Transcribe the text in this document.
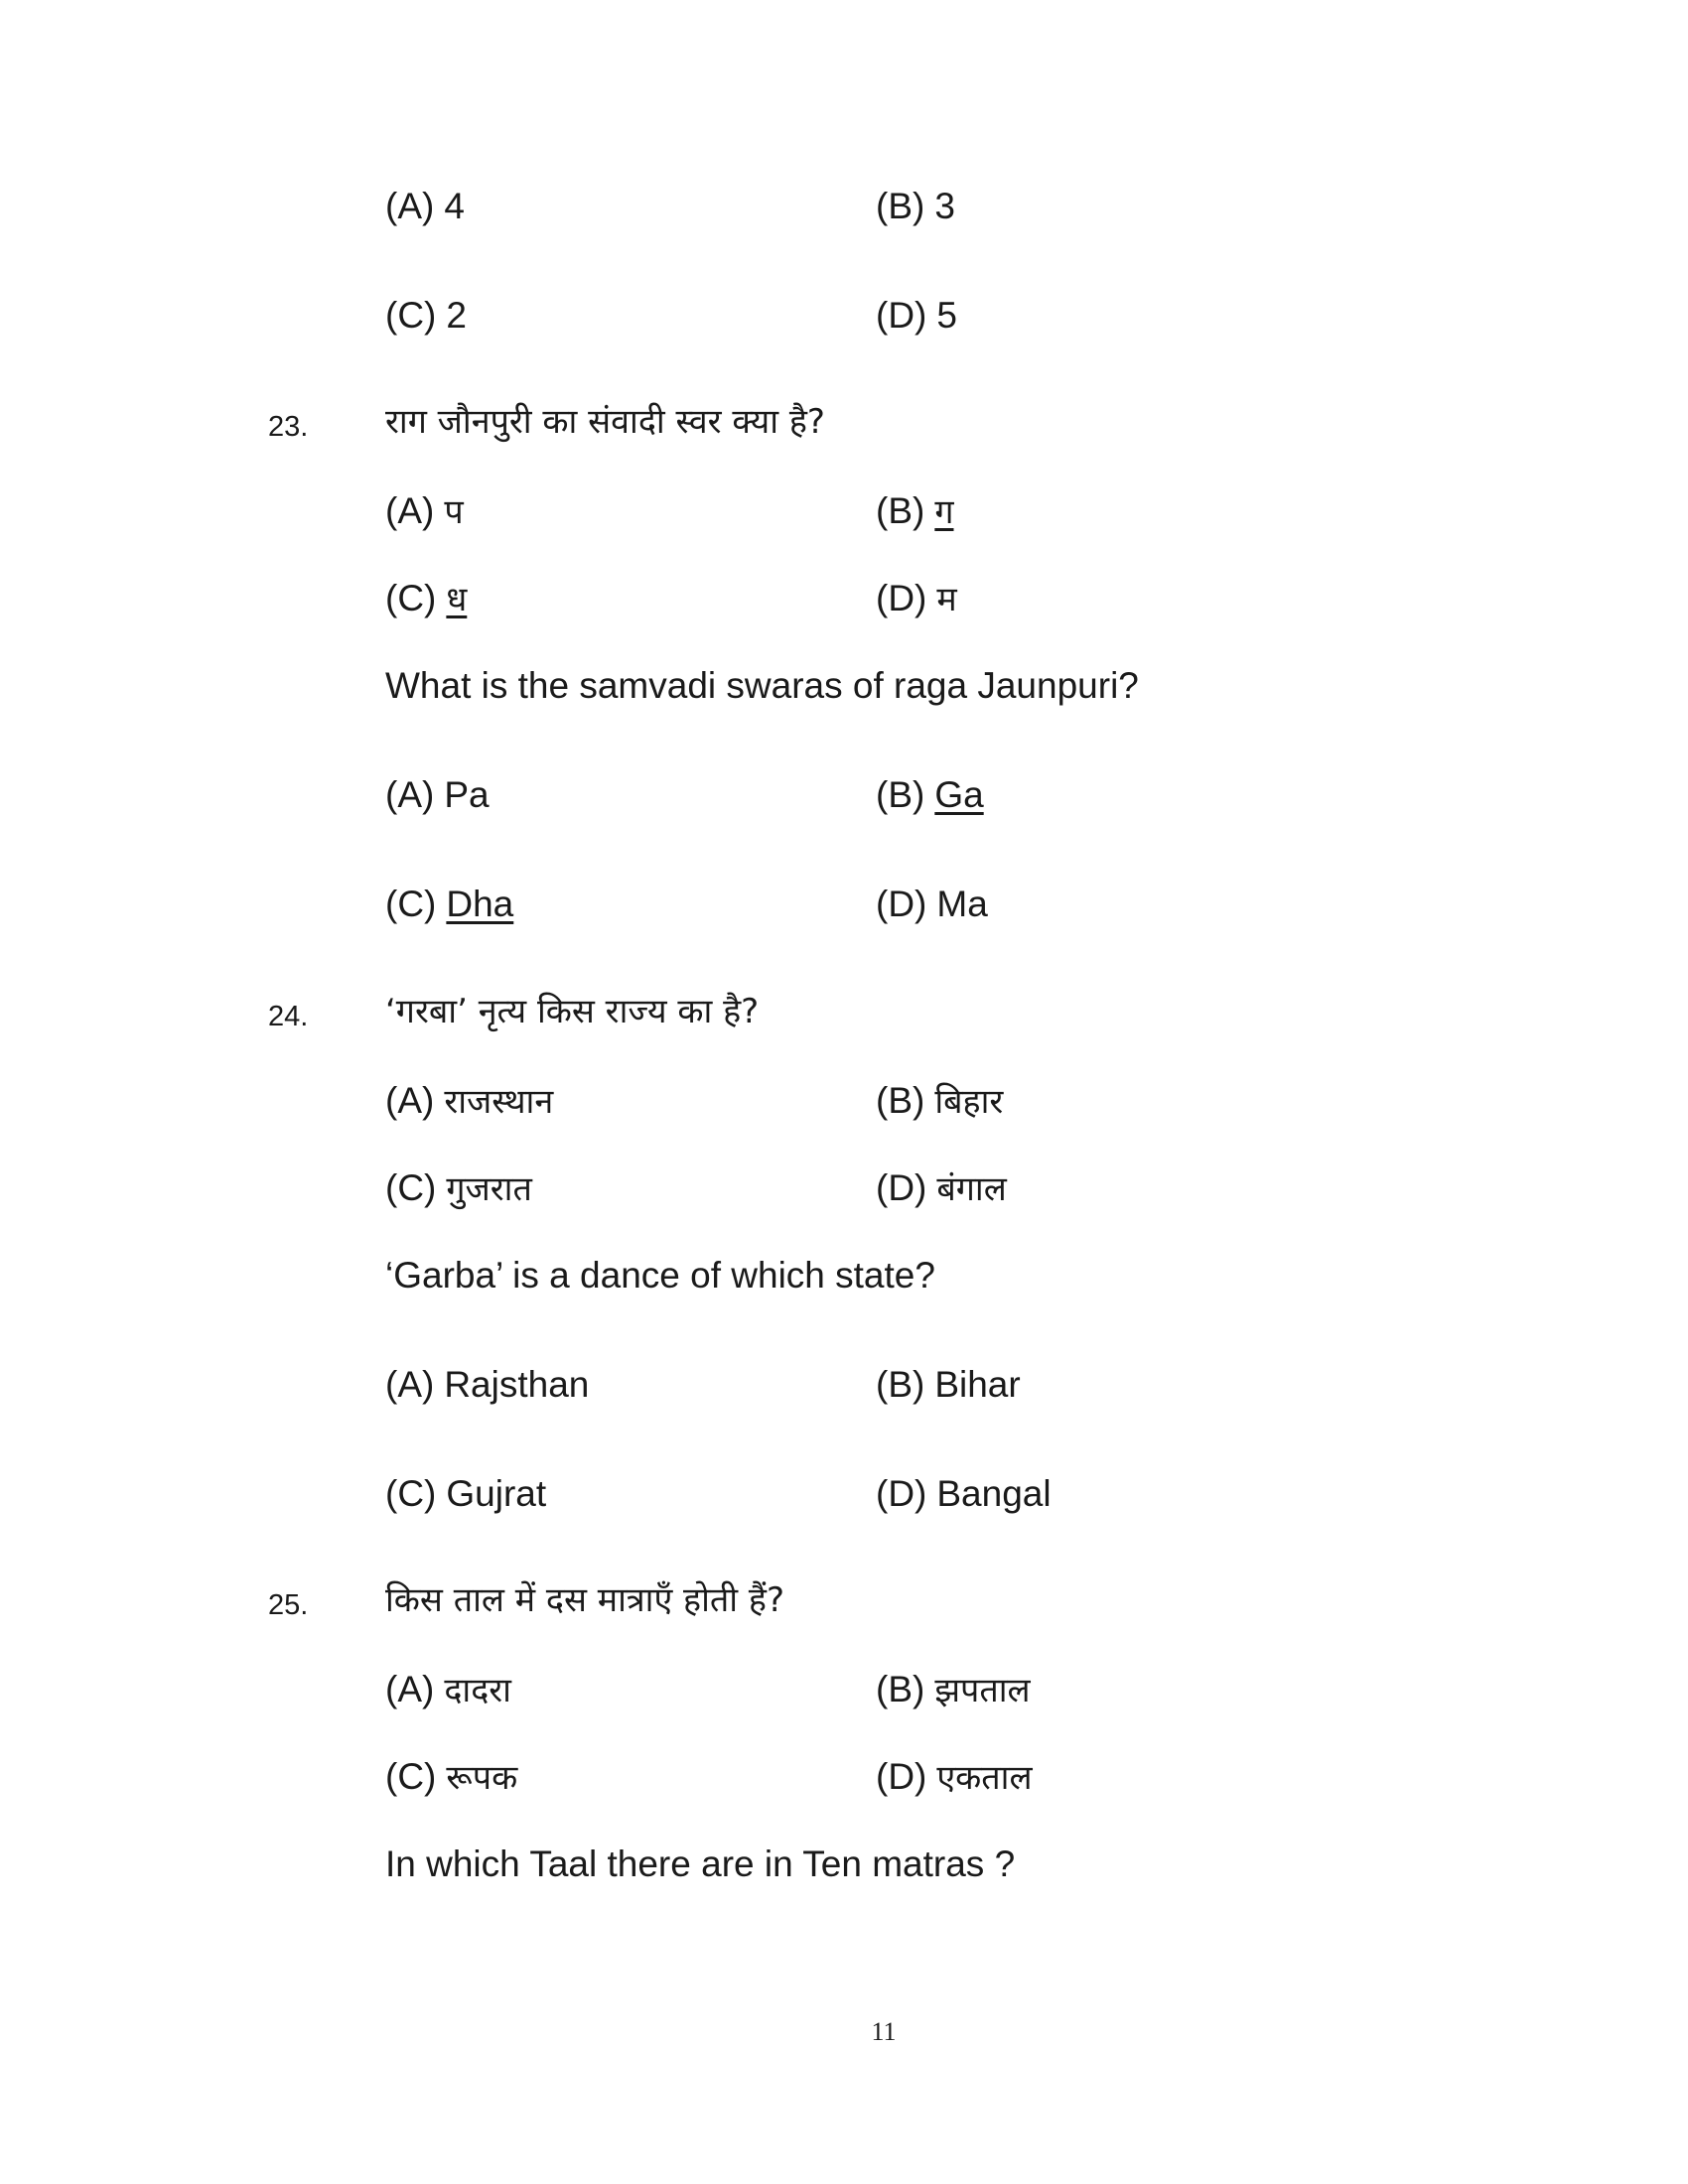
(A) 4	(B) 3
(C) 2	(D) 5
23. राग जौनपुरी का संवादी स्वर क्या है?
(A) प	(B) ग
(C) ध	(D) म
What is the samvadi swaras of raga Jaunpuri?
(A) Pa	(B) Ga
(C) Dha	(D) Ma
24. ‘गरबा’ नृत्य किस राज्य का है?
(A) राजस्थान	(B) बिहार
(C) गुजरात	(D) बंगाल
‘Garba’ is a dance of which state?
(A) Rajsthan	(B) Bihar
(C) Gujrat	(D) Bangal
25. किस ताल में दस मात्राएँ होती हैं?
(A) दादरा	(B) झपताल
(C) रूपक	(D) एकताल
In which Taal there are in Ten matras ?
11
